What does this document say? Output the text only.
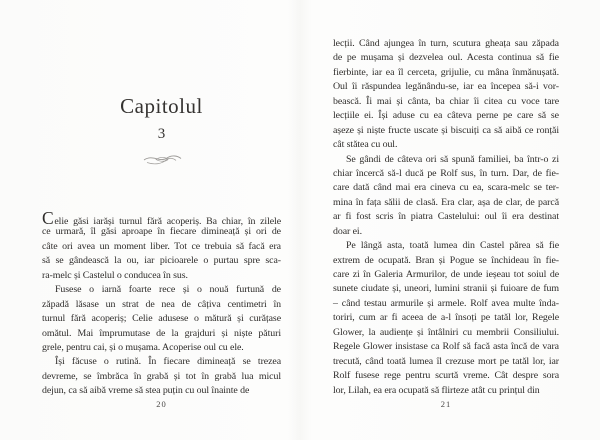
Capitolul
3
Celie găsi iarăși turnul fără acoperiș. Ba chiar, în zilele
ce urmară, îl găsi aproape în fiecare dimineață și ori de
câte ori avea un moment liber. Tot ce trebuia să facă era
să se gândească la ou, iar picioarele o purtau spre sca-
ra-melc și Castelul o conducea în sus.
Fusese o iarnă foarte rece și o nouă furtună de
zăpadă lăsase un strat de nea de câțiva centimetri în
turnul fără acoperiș; Celie adusese o mătură și curățase
omătul. Mai împrumutase de la grajduri și niște pături
grele, pentru cai, și o mușama. Acoperise oul cu ele.
Își făcuse o rutină. În fiecare dimineață se trezea
devreme, se îmbrăca în grabă și tot în grabă lua micul
dejun, ca să aibă vreme să stea puțin cu oul înainte de
20
lecții. Când ajungea în turn, scutura gheața sau zăpada
de pe mușama și dezvelea oul. Acesta continua să fie
fierbinte, iar ea îl cerceta, grijulie, cu mâna înmănușată.
Oul îi răspundea legănându-se, iar ea începea să-i vor-
bească. Îi mai și cânta, ba chiar îi citea cu voce tare
lecțiile ei. Își aduse cu ea câteva perne pe care să se
așeze și niște fructe uscate și biscuiți ca să aibă ce ronțăi
cât stătea cu oul.
Se gândi de câteva ori să spună familiei, ba într-o zi
chiar încercă să-l ducă pe Rolf sus, în turn. Dar, de fie-
care dată când mai era cineva cu ea, scara-melc se ter-
mina în fața sălii de clasă. Era clar, așa de clar, de parcă
ar fi fost scris în piatra Castelului: oul îi era destinat
doar ei.
Pe lângă asta, toată lumea din Castel părea să fie
extrem de ocupată. Bran și Pogue se închideau în fie-
care zi în Galeria Armurilor, de unde ieșeau tot soiul de
sunete ciudate și, uneori, lumini stranii și fuioare de fum
– când testau armurile și armele. Rolf avea multe înda-
toriri, cum ar fi aceea de a-l însoți pe tatăl lor, Regele
Glower, la audiențe și întâlniri cu membrii Consiliului.
Regele Glower insistase ca Rolf să facă asta încă de vara
trecută, când toată lumea îl crezuse mort pe tatăl lor, iar
Rolf fusese rege pentru scurtă vreme. Cât despre sora
lor, Lilah, ea era ocupată să flirteze atât cu prințul din
21
